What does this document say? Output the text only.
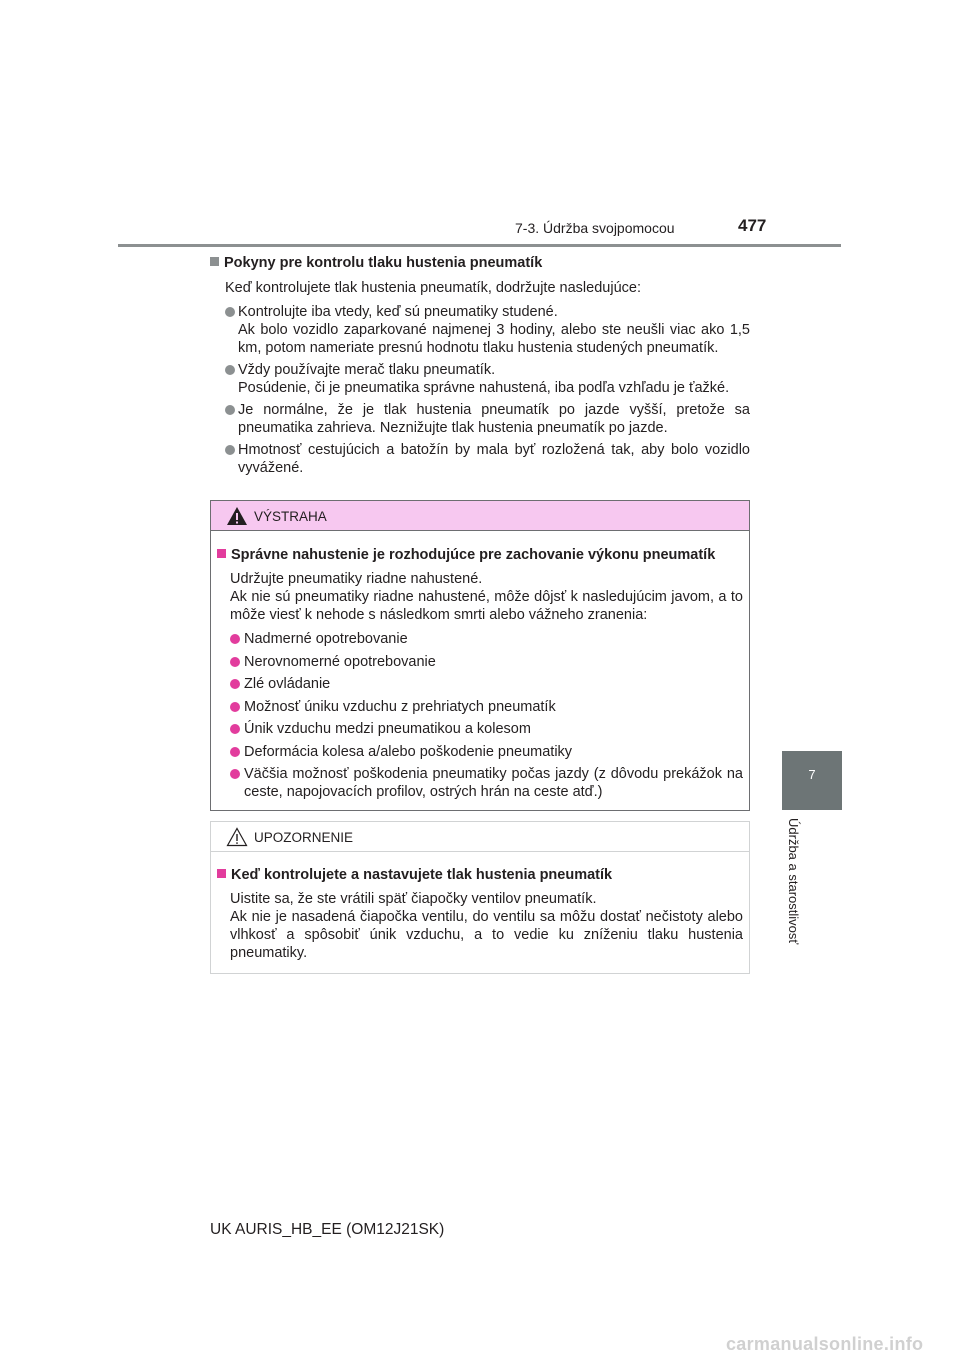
7-3. Údržba svojpomocou	477
7
Údržba a starostlivosť
Pokyny pre kontrolu tlaku hustenia pneumatík
Keď kontrolujete tlak hustenia pneumatík, dodržujte nasledujúce:
Kontrolujte iba vtedy, keď sú pneumatiky studené.
Ak bolo vozidlo zaparkované najmenej 3 hodiny, alebo ste neušli viac ako 1,5 km, potom nameriate presnú hodnotu tlaku hustenia studených pneumatík.
Vždy používajte merač tlaku pneumatík.
Posúdenie, či je pneumatika správne nahustená, iba podľa vzhľadu je ťažké.
Je normálne, že je tlak hustenia pneumatík po jazde vyšší, pretože sa pneumatika zahrieva. Neznižujte tlak hustenia pneumatík po jazde.
Hmotnosť cestujúcich a batožín by mala byť rozložená tak, aby bolo vozidlo vyvážené.
VÝSTRAHA
Správne nahustenie je rozhodujúce pre zachovanie výkonu pneumatík
Udržujte pneumatiky riadne nahustené.
Ak nie sú pneumatiky riadne nahustené, môže dôjsť k nasledujúcim javom, a to môže viesť k nehode s následkom smrti alebo vážneho zranenia:
Nadmerné opotrebovanie
Nerovnomerné opotrebovanie
Zlé ovládanie
Možnosť úniku vzduchu z prehriatych pneumatík
Únik vzduchu medzi pneumatikou a kolesom
Deformácia kolesa a/alebo poškodenie pneumatiky
Väčšia možnosť poškodenia pneumatiky počas jazdy (z dôvodu prekážok na ceste, napojovacích profilov, ostrých hrán na ceste atď.)
UPOZORNENIE
Keď kontrolujete a nastavujete tlak hustenia pneumatík
Uistite sa, že ste vrátili späť čiapočky ventilov pneumatík.
Ak nie je nasadená čiapočka ventilu, do ventilu sa môžu dostať nečistoty alebo vlhkosť a spôsobiť únik vzduchu, a to vedie ku zníženiu tlaku hustenia pneumatiky.
UK AURIS_HB_EE (OM12J21SK)
carmanualsonline.info
